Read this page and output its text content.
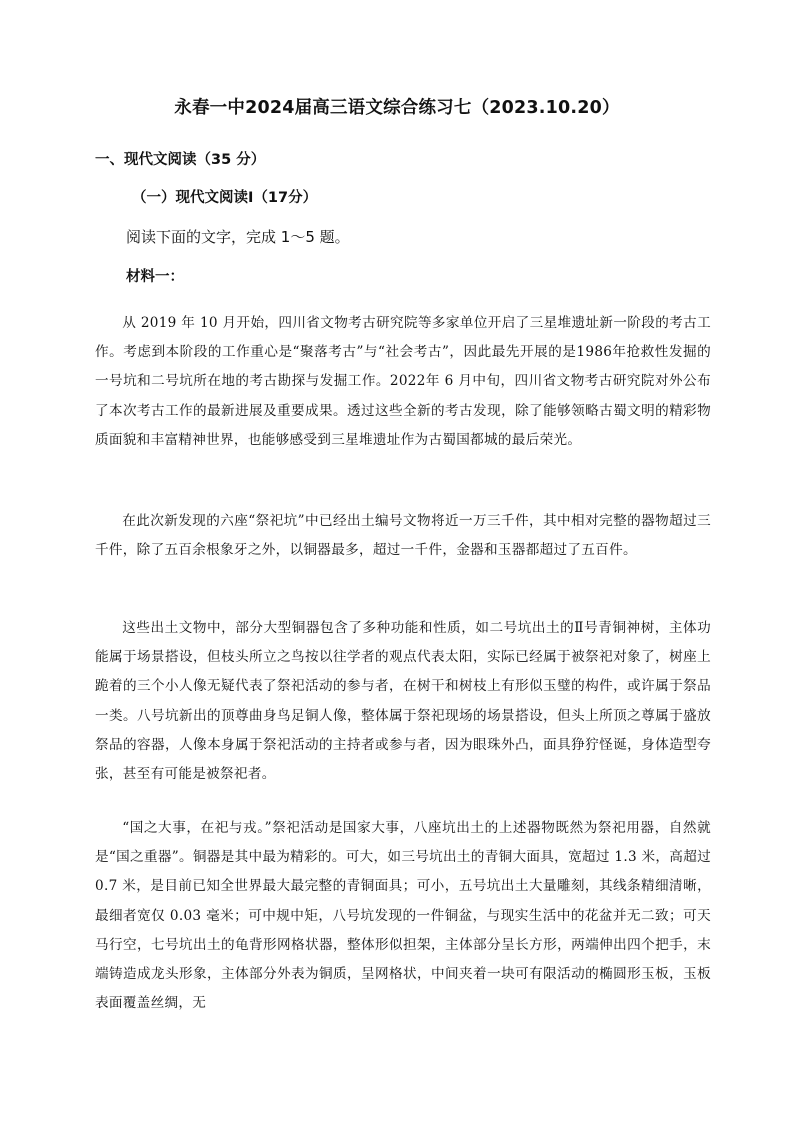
永春一中2024届高三语文综合练习七（2023.10.20）
一、现代文阅读（35 分）
（一）现代文阅读Ⅰ（17分）
阅读下面的文字，完成 1～5 题。
材料一：

从 2019 年 10 月开始，四川省文物考古研究院等多家单位开启了三星堆遗址新一阶段的考古工作。考虑到本阶段的工作重心是“聚落考古”与“社会考古”，因此最先开展的是1986年抢救性发掘的一号坑和二号坑所在地的考古勘探与发掘工作。2022年 6 月中旬，四川省文物考古研究院对外公布了本次考古工作的最新进展及重要成果。透过这些全新的考古发现，除了能够领略古蜀文明的精彩物质面貌和丰富精神世界，也能够感受到三星堆遗址作为古蜀国都城的最后荣光。

在此次新发现的六座“祭祀坑”中已经出土编号文物将近一万三千件，其中相对完整的器物超过三千件，除了五百余根象牙之外，以铜器最多，超过一千件，金器和玉器都超过了五百件。

这些出土文物中，部分大型铜器包含了多种功能和性质，如二号坑出土的Ⅱ号青铜神树，主体功能属于场景搭设，但枝头所立之鸟按以往学者的观点代表太阳，实际已经属于被祭祀对象了，树座上跪着的三个小人像无疑代表了祭祀活动的参与者，在树干和树枝上有形似玉璧的构件，或许属于祭品一类。八号坑新出的顶尊曲身鸟足铜人像，整体属于祭祀现场的场景搭设，但头上所顶之尊属于盛放祭品的容器，人像本身属于祭祀活动的主持者或参与者，因为眼珠外凸，面具狰狞怪诞，身体造型夸张，甚至有可能是被祭祀者。

“国之大事，在祀与戎。”祭祀活动是国家大事，八座坑出土的上述器物既然为祭祀用器，自然就是“国之重器”。铜器是其中最为精彩的。可大，如三号坑出土的青铜大面具，宽超过 1.3 米，高超过 0.7 米，是目前已知全世界最大最完整的青铜面具；可小，五号坑出土大量雕刻，其线条精细清晰，最细者宽仅 0.03 毫米；可中规中矩，八号坑发现的一件铜盆，与现实生活中的花盆并无二致；可天马行空，七号坑出土的龟背形网格状器，整体形似担架，主体部分呈长方形，两端伸出四个把手，末端铸造成龙头形象，主体部分外表为铜质，呈网格状，中间夹着一块可有限活动的椭圆形玉板，玉板表面覆盖丝绸，无
